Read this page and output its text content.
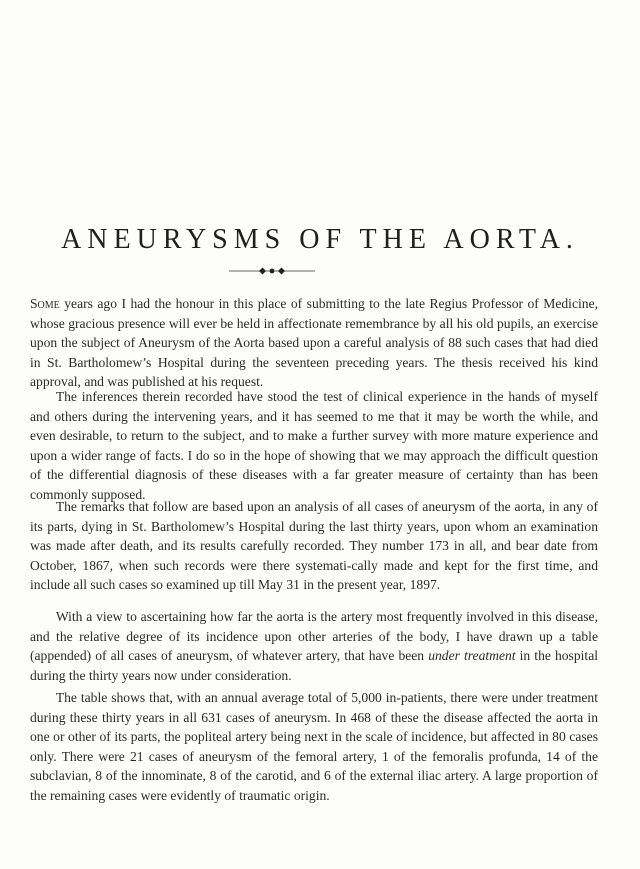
ANEURYSMS OF THE AORTA.

Some years ago I had the honour in this place of submitting to the late Regius Professor of Medicine, whose gracious presence will ever be held in affectionate remembrance by all his old pupils, an exercise upon the subject of Aneurysm of the Aorta based upon a careful analysis of 88 such cases that had died in St. Bartholomew’s Hospital during the seventeen preceding years. The thesis received his kind approval, and was published at his request.

The inferences therein recorded have stood the test of clinical experience in the hands of myself and others during the intervening years, and it has seemed to me that it may be worth the while, and even desirable, to return to the subject, and to make a further survey with more mature experience and upon a wider range of facts. I do so in the hope of showing that we may approach the difficult question of the differential diagnosis of these diseases with a far greater measure of certainty than has been commonly supposed.

The remarks that follow are based upon an analysis of all cases of aneurysm of the aorta, in any of its parts, dying in St. Bartholomew’s Hospital during the last thirty years, upon whom an examination was made after death, and its results carefully recorded. They number 173 in all, and bear date from October, 1867, when such records were there systemati-cally made and kept for the first time, and include all such cases so examined up till May 31 in the present year, 1897.

With a view to ascertaining how far the aorta is the artery most frequently involved in this disease, and the relative degree of its incidence upon other arteries of the body, I have drawn up a table (appended) of all cases of aneurysm, of whatever artery, that have been under treatment in the hospital during the thirty years now under consideration.

The table shows that, with an annual average total of 5,000 in-patients, there were under treatment during these thirty years in all 631 cases of aneurysm. In 468 of these the disease affected the aorta in one or other of its parts, the popliteal artery being next in the scale of incidence, but affected in 80 cases only. There were 21 cases of aneurysm of the femoral artery, 1 of the femoralis profunda, 14 of the subclavian, 8 of the innominate, 8 of the carotid, and 6 of the external iliac artery. A large proportion of the remaining cases were evidently of traumatic origin.
